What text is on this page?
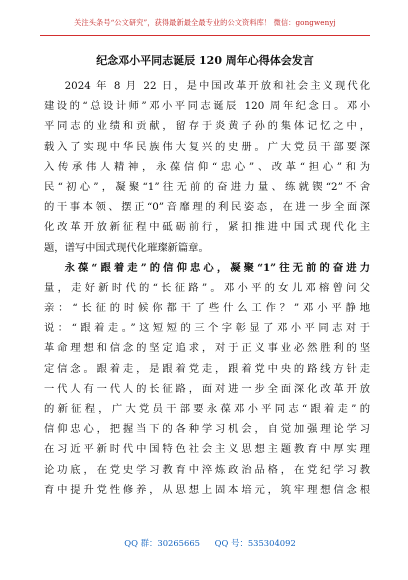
关注头条号“公文研究”，获得最新最全最专业的公文资料库！ 微信：gongwenyj
纪念邓小平同志诞辰 120 周年心得体会发言
2024 年 8 月 22 日，是中国改革开放和社会主义现代化
建设的“总设计师”邓小平同志诞辰 120 周年纪念日。邓小
平同志的业绩和贡献，留存于炎黄子孙的集体记忆之中，
载入了实现中华民族伟大复兴的史册。广大党员干部要深
入传承伟人精神，永葆信仰“忠心”、改革“担心”和为
民“初心”，凝聚“1”往无前的奋进力量、练就锲“2”不舍
的干事本领、摆正“0”音靡理的利民姿态，在进一步全面深
化改革开放新征程中砥砺前行，紧扣推进中国式现代化主
题，谱写中国式现代化璀璨新篇章。
永葆“跟着走”的信仰忠心，凝聚“1”往无前的奋进力
量，走好新时代的“长征路”。邓小平的女儿邓榕曾问父
亲：“长征的时候你都干了些什么工作？”邓小平静地
说：“跟着走。”这短短的三个字彰显了邓小平同志对于
革命理想和信念的坚定追求，对于正义事业必然胜利的坚
定信念。跟着走，是跟着党走，跟着党中央的路线方针走
一代人有一代人的长征路，面对进一步全面深化改革开放
的新征程，广大党员干部要永葆邓小平同志“跟着走”的
信仰忠心，把握当下的各种学习机会，自觉加强理论学习
在习近平新时代中国特色社会主义思想主题教育中厚实理
论功底，在党史学习教育中淬炼政治品格，在党纪学习教
育中提升党性修养，从思想上固本培元，筑牢理想信念根
QQ 群：30265665 QQ 号：535304092
